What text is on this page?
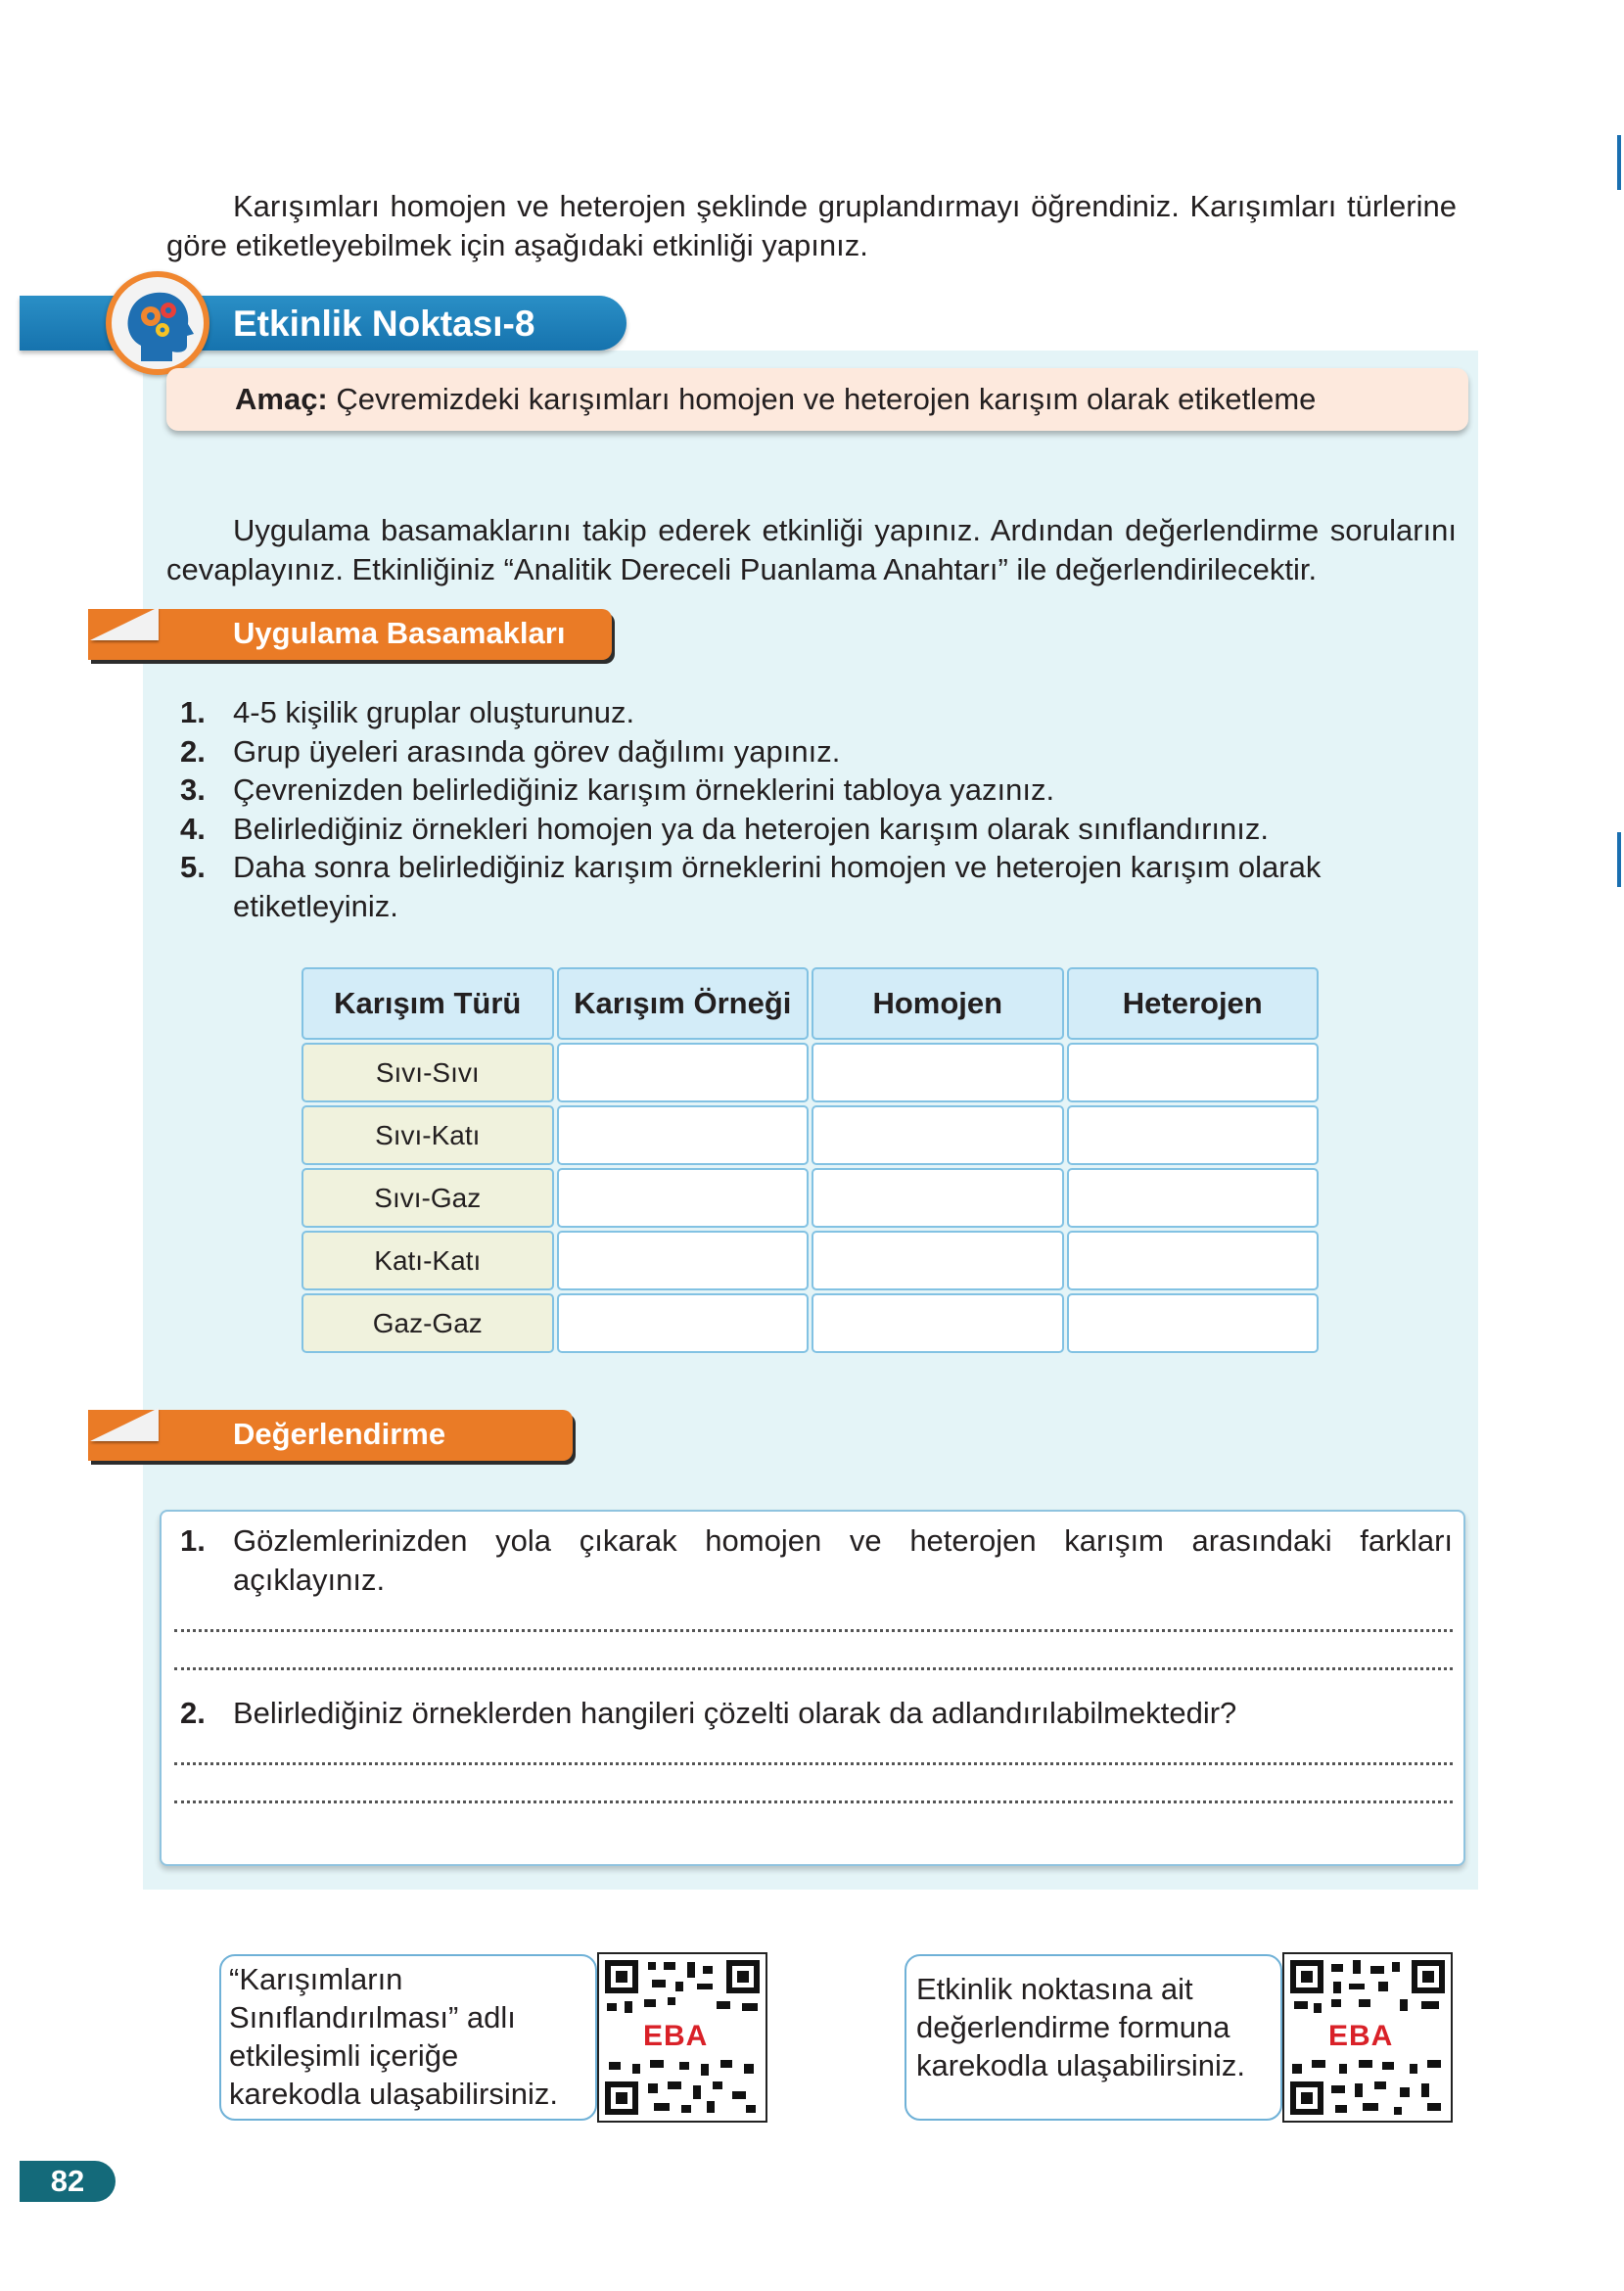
Karışımları homojen ve heterojen şeklinde gruplandırmayı öğrendiniz. Karışımları türlerine göre etiketleyebilmek için aşağıdaki etkinliği yapınız.

Etkinlik Noktası-8
Amaç: Çevremizdeki karışımları homojen ve heterojen karışım olarak etiketleme

Uygulama basamaklarını takip ederek etkinliği yapınız. Ardından değerlendirme sorularını cevaplayınız. Etkinliğiniz “Analitik Dereceli Puanlama Anahtarı” ile değerlendirilecektir.

Uygulama Basamakları
1. 4-5 kişilik gruplar oluşturunuz.
2. Grup üyeleri arasında görev dağılımı yapınız.
3. Çevrenizden belirlediğiniz karışım örneklerini tabloya yazınız.
4. Belirlediğiniz örnekleri homojen ya da heterojen karışım olarak sınıflandırınız.
5. Daha sonra belirlediğiniz karışım örneklerini homojen ve heterojen karışım olarak etiketleyiniz.
Karışım Türü	Karışım Örneği	Homojen	Heterojen
Sıvı-Sıvı			
Sıvı-Katı			
Sıvı-Gaz			
Katı-Katı			
Gaz-Gaz			
Değerlendirme
1. Gözlemlerinizden yola çıkarak homojen ve heterojen karışım arasındaki farkları açıklayınız.
2. Belirlediğiniz örneklerden hangileri çözelti olarak da adlandırılabilmektedir?
“Karışımların Sınıflandırılması” adlı etkileşimli içeriğe karekodla ulaşabilirsiniz.
EBA
Etkinlik noktasına ait değerlendirme formuna karekodla ulaşabilirsiniz.
EBA
82
